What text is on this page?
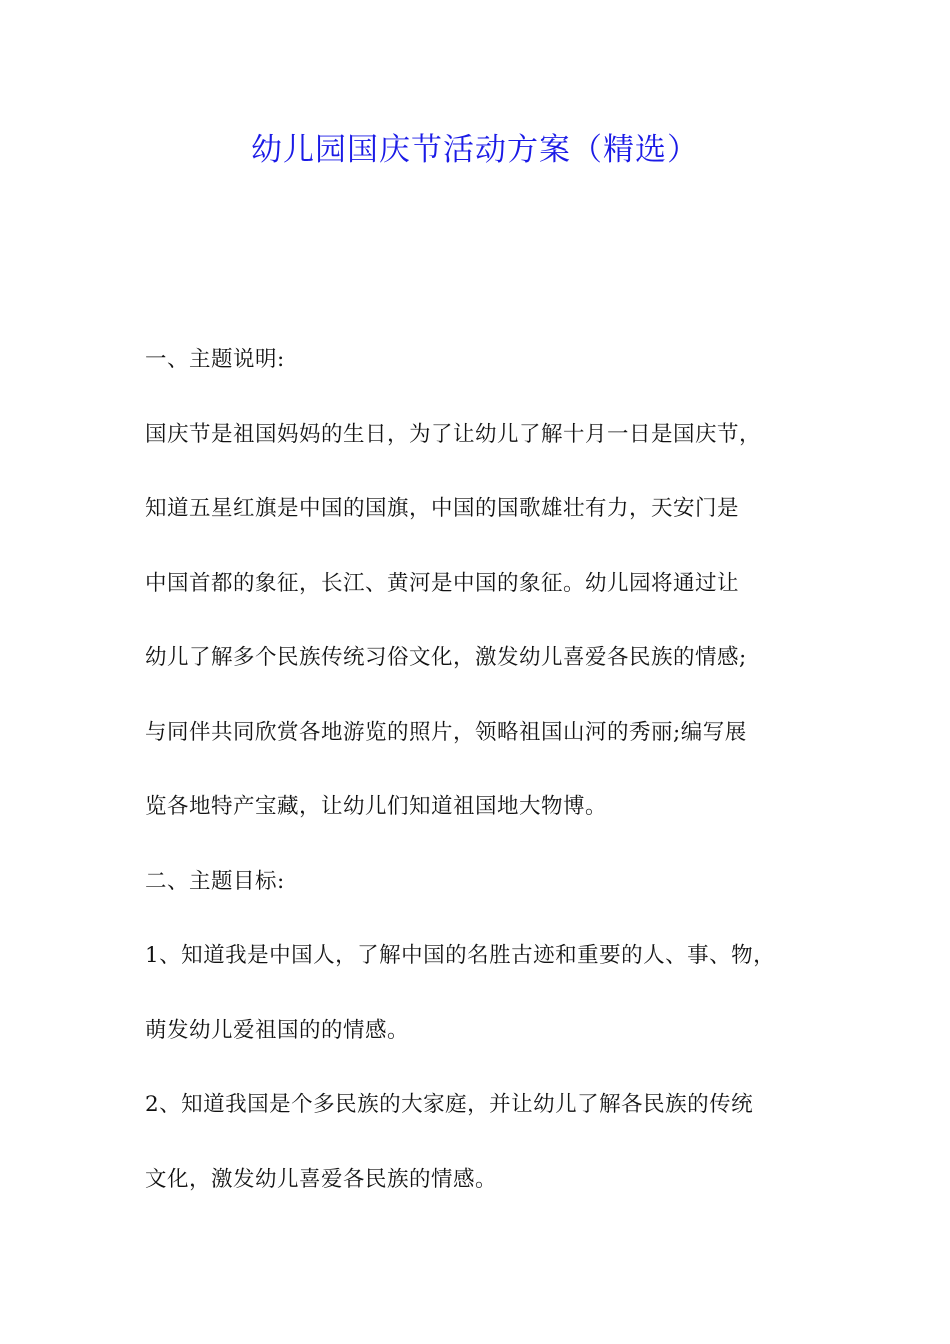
幼儿园国庆节活动方案（精选）
一、主题说明:
国庆节是祖国妈妈的生日，为了让幼儿了解十月一日是国庆节，
知道五星红旗是中国的国旗，中国的国歌雄壮有力，天安门是
中国首都的象征，长江、黄河是中国的象征。幼儿园将通过让
幼儿了解多个民族传统习俗文化，激发幼儿喜爱各民族的情感;
与同伴共同欣赏各地游览的照片，领略祖国山河的秀丽;编写展
览各地特产宝藏，让幼儿们知道祖国地大物博。
二、主题目标:
1、知道我是中国人，了解中国的名胜古迹和重要的人、事、物，
萌发幼儿爱祖国的的情感。
2、知道我国是个多民族的大家庭，并让幼儿了解各民族的传统
文化，激发幼儿喜爱各民族的情感。
